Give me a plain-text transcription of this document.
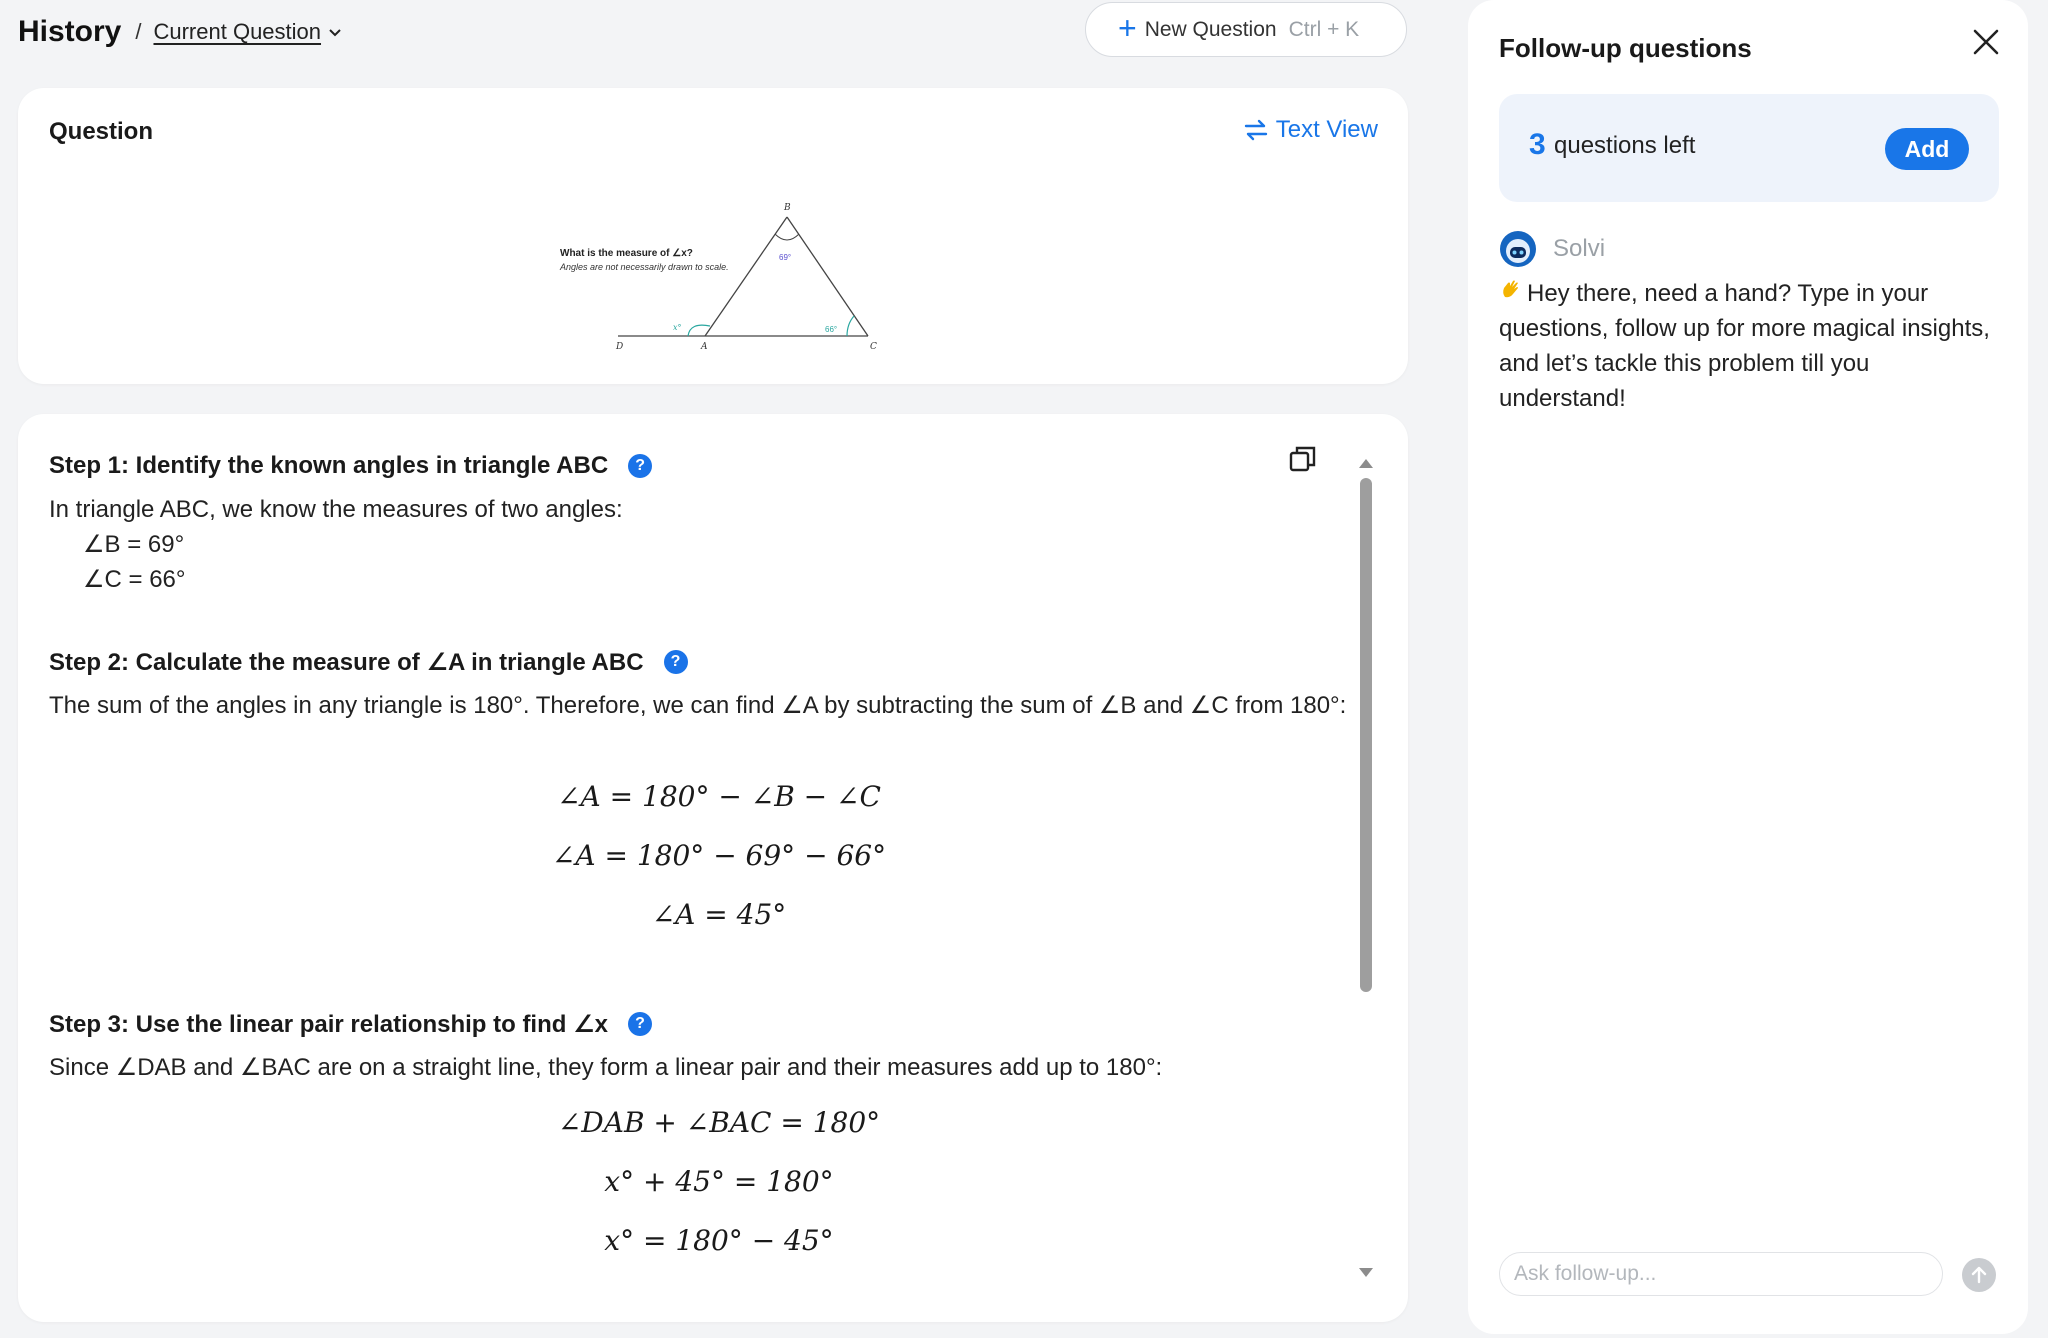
History / Current Question	+ New Question Ctrl + K
Question	Text View
What is the measure of ∠x?
Angles are not necessarily drawn to scale.
B
D	A	C
69°
66°
x°
Step 1: Identify the known angles in triangle ABC	?
In triangle ABC, we know the measures of two angles:
∠B = 69°
∠C = 66°
Step 2: Calculate the measure of ∠A in triangle ABC	?
The sum of the angles in any triangle is 180°. Therefore, we can find ∠A by subtracting the sum of ∠B and ∠C from 180°:
∠A = 180° − ∠B − ∠C
∠A = 180° − 69° − 66°
∠A = 45°
Step 3: Use the linear pair relationship to find ∠x	?
Since ∠DAB and ∠BAC are on a straight line, they form a linear pair and their measures add up to 180°:
∠DAB + ∠BAC = 180°
x° + 45° = 180°
x° = 180° − 45°
Follow-up questions
3 questions left	Add
Solvi
Hey there, need a hand? Type in your questions, follow up for more magical insights, and let’s tackle this problem till you understand!
Ask follow-up...
